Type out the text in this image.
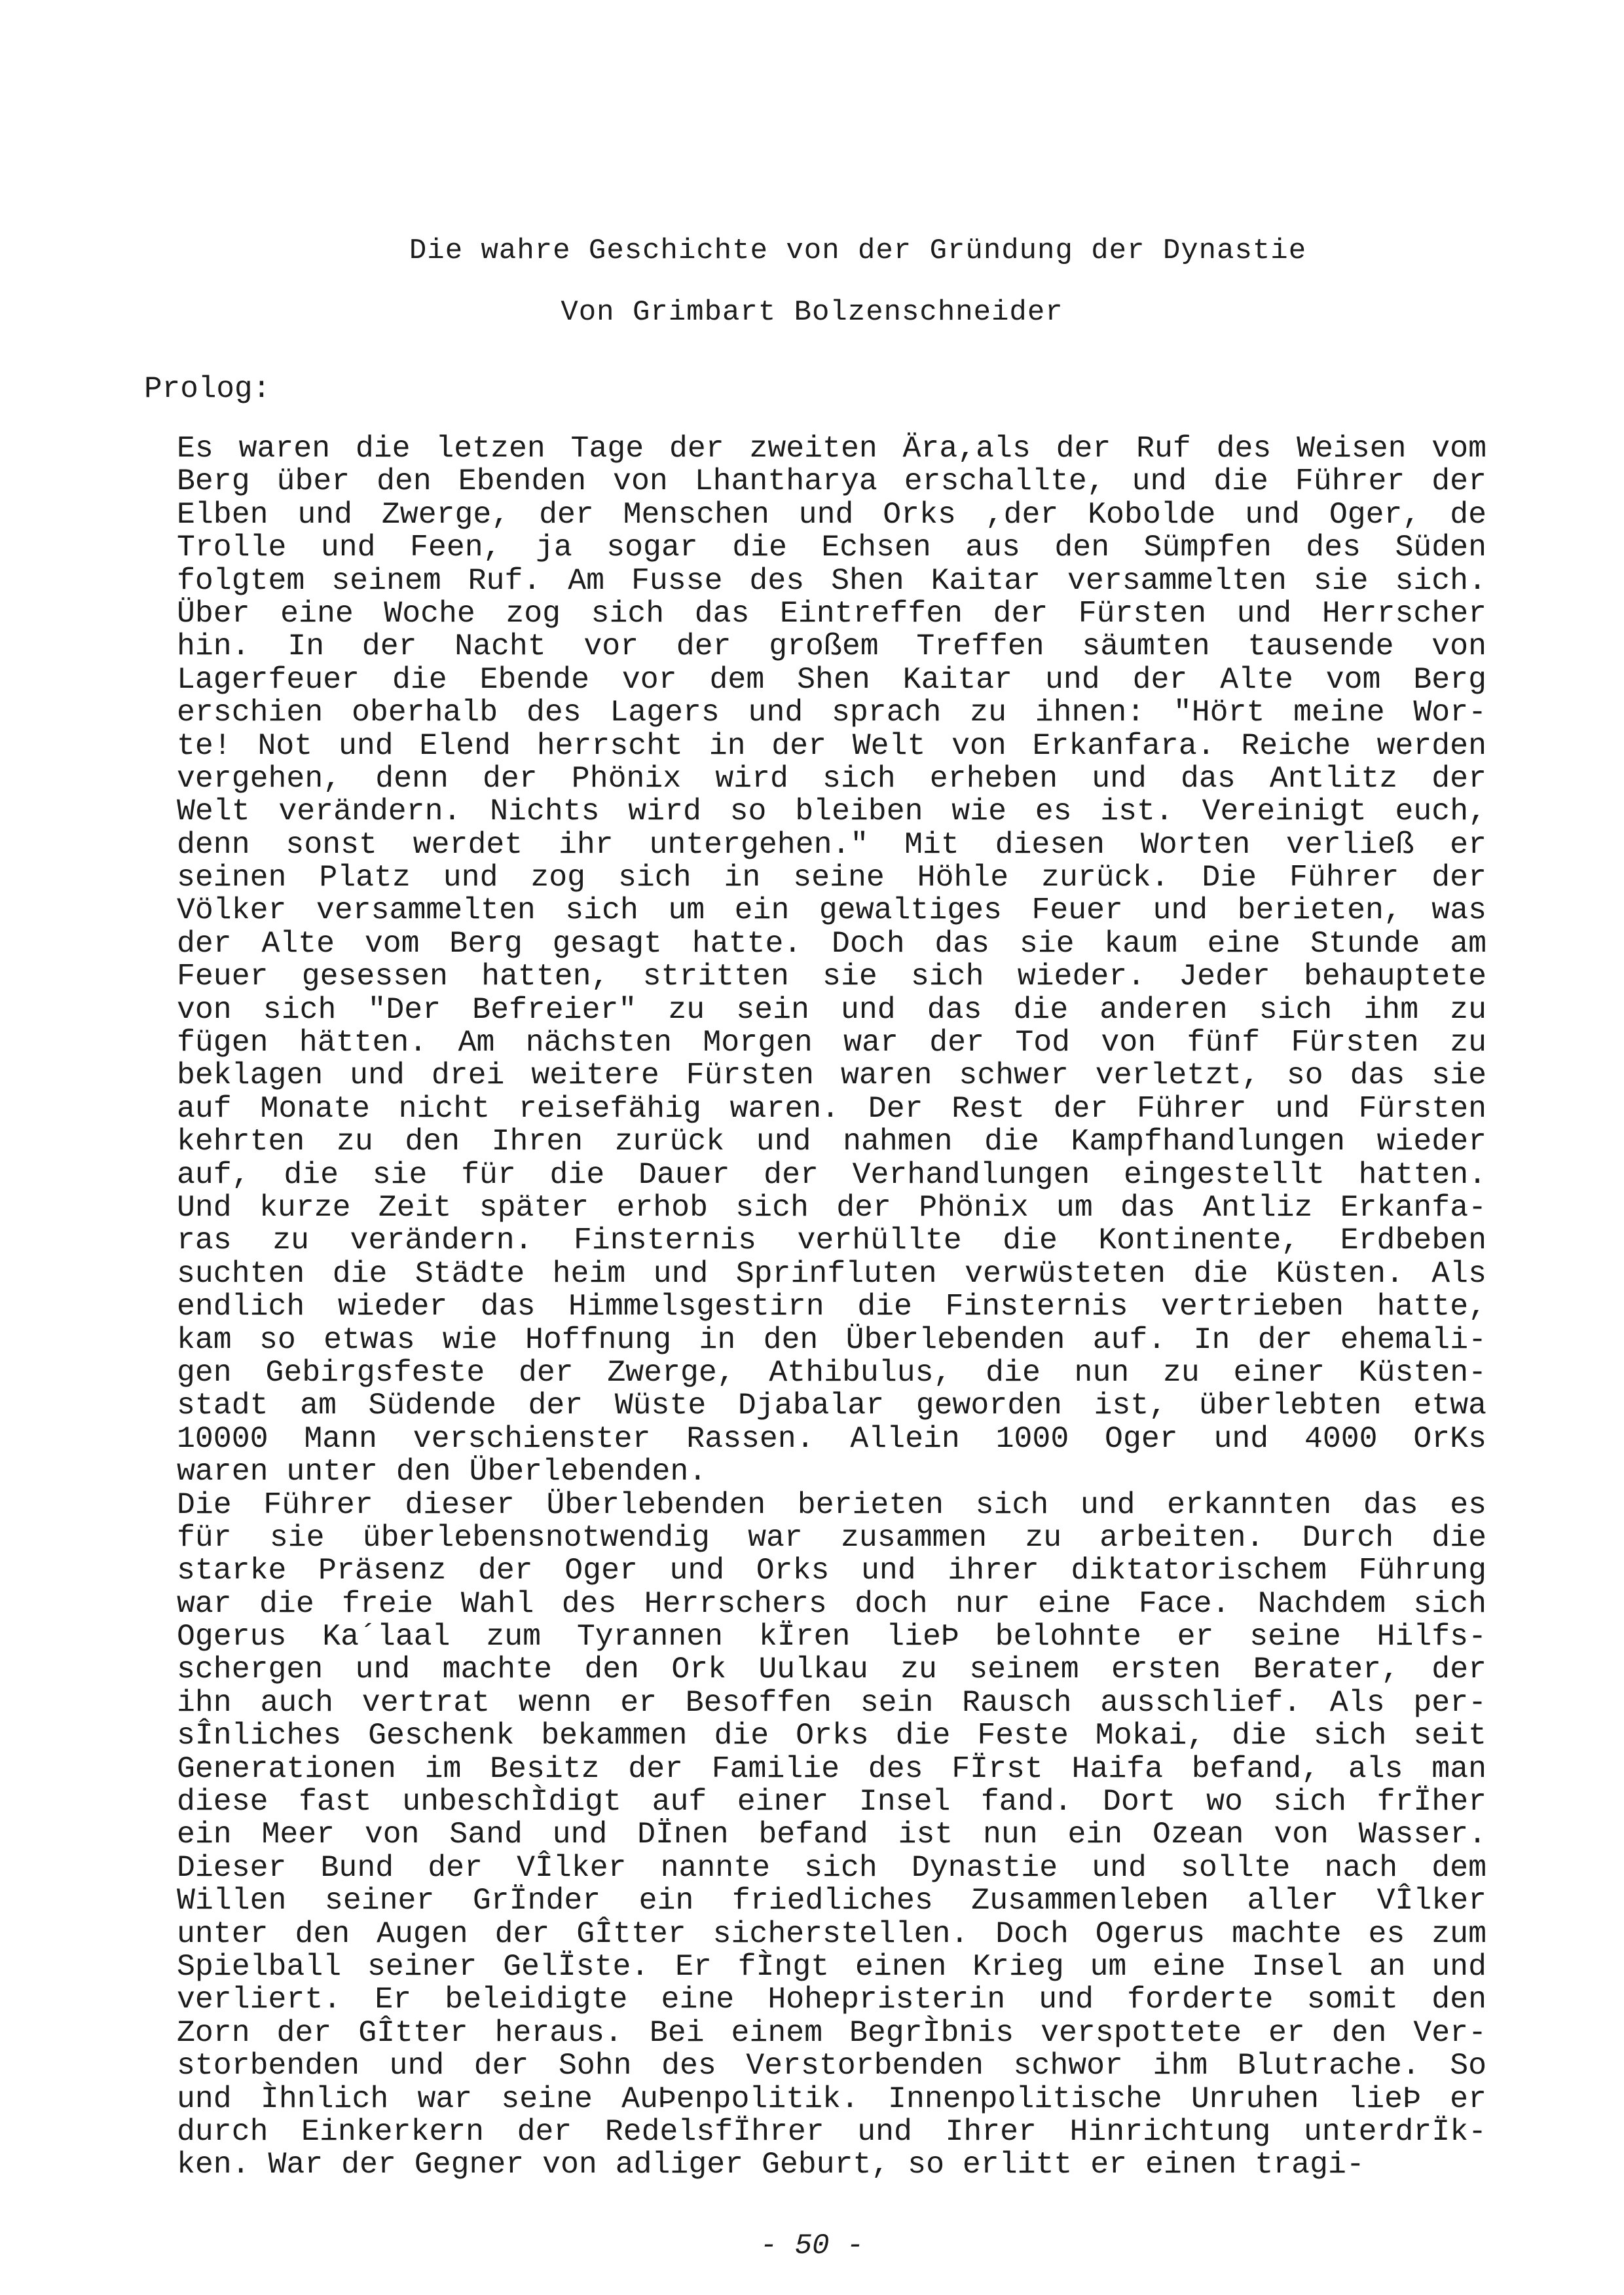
Die wahre Geschichte von der Gründung der Dynastie
Von Grimbart Bolzenschneider
Prolog:
Es waren die letzen Tage der zweiten Ära,als der Ruf des Weisen vom
Berg über den Ebenden von Lhantharya erschallte, und die Führer der
Elben und Zwerge, der Menschen und Orks ,der Kobolde und Oger, de
Trolle und Feen, ja sogar die Echsen aus den Sümpfen des Süden
folgtem seinem Ruf. Am Fusse des Shen Kaitar versammelten sie sich.
Über eine Woche zog sich das Eintreffen der Fürsten und Herrscher
hin. In der Nacht vor der großem Treffen säumten tausende von
Lagerfeuer die Ebende vor dem Shen Kaitar und der Alte vom Berg
erschien oberhalb des Lagers und sprach zu ihnen: "Hört meine Wor-
te! Not und Elend herrscht in der Welt von Erkanfara. Reiche werden
vergehen, denn der Phönix wird sich erheben und das Antlitz der
Welt verändern. Nichts wird so bleiben wie es ist. Vereinigt euch,
denn sonst werdet ihr untergehen." Mit diesen Worten verließ er
seinen Platz und zog sich in seine Höhle zurück. Die Führer der
Völker versammelten sich um ein gewaltiges Feuer und berieten, was
der Alte vom Berg gesagt hatte. Doch das sie kaum eine Stunde am
Feuer gesessen hatten, stritten sie sich wieder. Jeder behauptete
von sich "Der Befreier" zu sein und das die anderen sich ihm zu
fügen hätten. Am nächsten Morgen war der Tod von fünf Fürsten zu
beklagen und drei weitere Fürsten waren schwer verletzt, so das sie
auf Monate nicht reisefähig waren. Der Rest der Führer und Fürsten
kehrten zu den Ihren zurück und nahmen die Kampfhandlungen wieder
auf, die sie für die Dauer der Verhandlungen eingestellt hatten.
Und kurze Zeit später erhob sich der Phönix um das Antliz Erkanfa-
ras zu verändern. Finsternis verhüllte die Kontinente, Erdbeben
suchten die Städte heim und Sprinfluten verwüsteten die Küsten. Als
endlich wieder das Himmelsgestirn die Finsternis vertrieben hatte,
kam so etwas wie Hoffnung in den Überlebenden auf. In der ehemali-
gen Gebirgsfeste der Zwerge, Athibulus, die nun zu einer Küsten-
stadt am Südende der Wüste Djabalar geworden ist, überlebten etwa
10000 Mann verschienster Rassen. Allein 1000 Oger und 4000 OrKs
waren unter den Überlebenden.
Die Führer dieser Überlebenden berieten sich und erkannten das es
für sie überlebensnotwendig war zusammen zu arbeiten. Durch die
starke Präsenz der Oger und Orks und ihrer diktatorischem Führung
war die freie Wahl des Herrschers doch nur eine Face. Nachdem sich
Ogerus Ka´laal zum Tyrannen kÏren lieÞ belohnte er seine Hilfs-
schergen und machte den Ork Uulkau zu seinem ersten Berater, der
ihn auch vertrat wenn er Besoffen sein Rausch ausschlief. Als per-
sÎnliches Geschenk bekammen die Orks die Feste Mokai, die sich seit
Generationen im Besitz der Familie des FÏrst Haifa befand, als man
diese fast unbeschÌdigt auf einer Insel fand. Dort wo sich frÏher
ein Meer von Sand und DÏnen befand ist nun ein Ozean von Wasser.
Dieser Bund der VÎlker nannte sich Dynastie und sollte nach dem
Willen seiner GrÏnder ein friedliches Zusammenleben aller VÎlker
unter den Augen der GÎtter sicherstellen. Doch Ogerus machte es zum
Spielball seiner GelÏste. Er fÌngt einen Krieg um eine Insel an und
verliert. Er beleidigte eine Hohepristerin und forderte somit den
Zorn der GÎtter heraus. Bei einem BegrÌbnis verspottete er den Ver-
storbenden und der Sohn des Verstorbenden schwor ihm Blutrache. So
und Ìhnlich war seine AuÞenpolitik. Innenpolitische Unruhen lieÞ er
durch Einkerkern der RedelsfÏhrer und Ihrer Hinrichtung unterdrÏk-
ken. War der Gegner von adliger Geburt, so erlitt er einen tragi-

- 50 -
